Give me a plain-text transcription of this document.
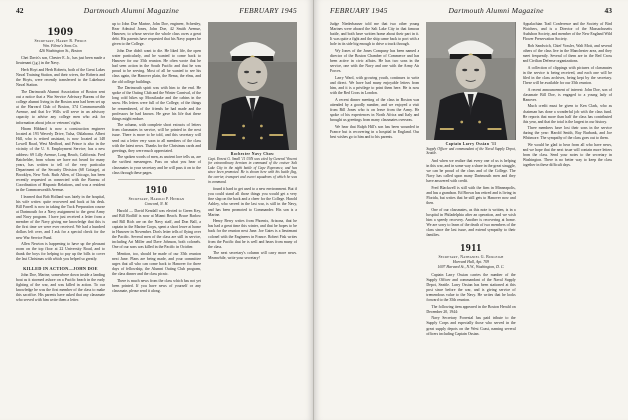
42	Dartmouth Alumni Magazine	FEBRUARY 1945
1909
Secretary, Harry R. Pierce
Wm. Filene's Sons Co.
426 Washington St., Boston

Chet Davis's son, Chester E. Jr., has just been made a lieutenant (j.g.) in the Navy.

Herb Hoyt and Herb Roberts, both of the Great Lakes Naval Training Station, and their wives, the Roberts and the Hoyts, were recently transferred to the Lakehurst Naval Station.

The Dartmouth Alumni Association of Boston sent out a notice that a War Service Advisory Bureau of the college alumni living in the Boston area had been set up at the Harvard Club of Boston, 374 Commonwealth Avenue, and that Irv Wills will serve in an advisory capacity to advise any college men who ask for information about jobs or veterans' rights.

Hiram Hibbard is now a construction engineer located at 193 Waverly Drive, Tulsa, Oklahoma. Albert Hill, who is retired assistant, is now located at 148 Lowell Road, West Medford, and Prince is also in the vicinity of the U. S. Employment Service; has a new address: 69 Lilly Avenue, Long Beach, California. Fred Batchelder, from whom we have not heard for many years, has written to tell of the very particular Department of the Security Division (68 Cottage), at Brooklyn, New York. Ruth Allen, of Chicago, has been recently requested as connected with the Bureau of Coordination of Hispanic Relations, and was a resident in the Commonwealth Avenue.

I learned that Bob Holland was lately in the hospital, his wife writes: quite recovered and back at his desk. Bill Farrell is now in taking the Tuck Preparation course at Dartmouth for a Navy assignment to the great Army and Navy program. I have just received a letter from a member of the Navy giving me knowledge that this is the first time we were ever received. We had a hundred dollars left over, and I ask for a special check for the new War Service Fund.

Allen Newton is happening to have up the pleasant room on the top floor at 22 University Road, and to thank the boys for helping to pay up the bills to cover the last Christmas with which you helped so greatly.

KILLED IN ACTION—JOHN DOE

John Doe, Marine, somewhere down inside a landing boat as it stormed ashore on a Pacific beach in the early fighting of the war, and was killed in action. To our knowledge he was the first member of the class to make this sacrifice. His parents have asked that any classmate who served with him write them a letter.

up to John Doe Marine, John Doe, engineer, Schenley, Rear Admiral Jones, John Doe, 42 Smith Avenue, Hanover, to whose service the whole class owes a great debt. His parents have requested that his Navy papers be given to the College.

John Doe didn't want to die. He liked life, the open water particularly, and he wanted to come back to Hanover for our 35th reunion. He often wrote that he had seen action in the South Pacific and that he was proud to be serving. Most of all he wanted to see his class again, the Hanover plain, the Bema, the elms, and the old college buildings.

The Dartmouth spirit was with him to the end. He spoke of the Outing Club and the Winter Carnival, of the long cold hikes up Moosilauke and the cabins in the snow. His letters were full of the College, of the things he remembered, of the friends he had made and the professors he had known. He gave his life that these things might endure.

The column, with complete short extracts of letters from classmates in service, will be printed in the next issue. There is more to be told, and this secretary will send out a letter very soon to all members of the class with the latest news. Thanks for the Christmas cards and greetings, they were much appreciated.

The spoken words of men, as ancient lore tells us, are the swiftest messengers. Pass on what you hear of classmates to your secretary and he will pass it on to the class through these pages.

1910
Secretary, Harold P. Hinman
Concord, N. H.

Harold — David Kendall was elected to Green Key, and Bill Rodliff is now at Miami Beach. Bruce Barlow and Bill Rich are on the Navy staff, and Don Ball, a captain in the Marine Corps, spent a short leave at home in Hanover in November. Don's letter tells of flying over the Pacific. Several men of the class are still in service, including Art Miller and Dave Johnson, both colonels. One of our sons was killed in the Pacific in October.

Mention, too, should be made of our 35th reunion next June. Plans are being made, and your committee urges that all who can come back to Hanover for three days of fellowship, the Alumni Outing Club program, the class dinner and the class picnic.

There is much news from the class which has not yet been printed. If you have news of yourself or any classmate, please send it along.

Rochester Navy Chow
Capt. Ernest G. Small '11 USN was cited by General Vincent for extraordinary heroism in command of the cruiser Salt Lake City in the night battle of Cape Esperance, and has since been promoted. He is shown here with his battle flag, the carrier, transport and escort squadrons of which he was in command.

found it hard to get used to a new environment. But if you could stand all those things you would get a very fine slap on the back and a cheer for the College. Harold Ashley, who served in the last war, is still in the Navy, and has been promoted to Commander. His son is a Marine.

Henry Berry writes from Phoenix, Arizona, that he has had a great time this winter, and that he hopes to be back for the reunion next June. Joe Gates is a lieutenant colonel with the Engineers in France. Robert Fisk writes from the Pacific that he is well and hears from many of the class.

The next secretary's column will carry more news. Meanwhile, write your secretary!

FEBRUARY 1945	Dartmouth Alumni Magazine	43

Judge Niederhauser told me that two other young Marines were aboard the Salt Lake City in that famous battle, and both have written home about their part in it. It was quite a fight and the ship came back to port with a hole in its side big enough to drive a truck through.

Wy Jones of the Jones Company has been named a director of the Boston Chamber of Commerce and has been active in civic affairs. He has two sons in the service, one with the Navy and one with the Army Air Forces.

Larry Ward, with growing youth, continues to write and direct. We have had many enjoyable letters from him, and it is a privilege to print them here. He is now with the Red Cross in London.

A recent dinner meeting of the class in Boston was attended by a goodly number, and we enjoyed a visit from Bill Jones who is on leave from the Army. He spoke of his experiences in North Africa and Italy and brought us greetings from many classmates overseas.

We hear that Ralph Hill's son has been wounded in France but is recovering in a hospital in England. Our best wishes go to him and to his parents.

Captain Larry Ossian '11
Supply Officer and commandant of the Naval Supply Depot, Seattle.

And when we realize that every one of us is helping in this war, and in some way a share in the great struggle, we can be proud of the class and of the College. The Navy has called upon many Dartmouth men and they have answered with credit.

Fred Blackwell is still with the firm in Minneapolis, and has a grandson. Ed Brown has retired and is living in Florida, but writes that he still gets to Hanover now and then.

One of our classmates, as this note is written, is in a hospital in Philadelphia after an operation, and we wish him a speedy recovery. Another is recovering at home. We are sorry to learn of the death of two members of the class since the last issue, and extend sympathy to their families.

1911
Secretary, Nathaniel G. Burleigh
Harvard Hall, Apt. 709
1697 Harvard St., N.W., Washington, D. C.

Captain Larry Ossian carries the number of the Supply Officer and commandant of the Naval Supply Depot, Seattle. Larry Ossian has been stationed at this post since before the war, and is giving service of tremendous value to the Navy. He writes that he looks forward to the 35th reunion.

The following item appeared in the Boston Herald on December 20, 1944:

Navy Secretary Forrestal has paid tribute to the Supply Corps and especially those who served in the great supply depots on the West Coast, naming several officers including Captain Ossian.

Appalachian Trail Conference and the Society of Bird Watchers, and is a Director of the Massachusetts Audubon Society, and member of the New England Wild Flower Preservation Society.

Bob Sandwich, Chief Vossler, Walt Mott, and several others of the class live in the Manchester area, and they meet frequently. Several of them are in the Red Cross and Civilian Defense organizations.

A collection of clippings with pictures of classmates in the service is being received, and each one will be filed in the class archives, being kept by the secretary. These will be available for our 35th reunion.

A recent announcement of interest: John Doe, son of classmate Bill Doe, is engaged to a young lady of Hanover.

Much credit must be given to Ken Clark, who as chairman has done a wonderful job with the class fund. He reports that more than half the class has contributed this year, and that the total is the largest in our history.

Three members have lost their sons in the service during the year: Harold Smith, Ray Burbank, and Joe Whitmore. The sympathy of the class goes out to them.

We would be glad to hear from all who have news, and we hope that the next issue will contain more letters from the class. Send your notes to the secretary in Washington. There is no better way to keep the class together in these difficult days.
